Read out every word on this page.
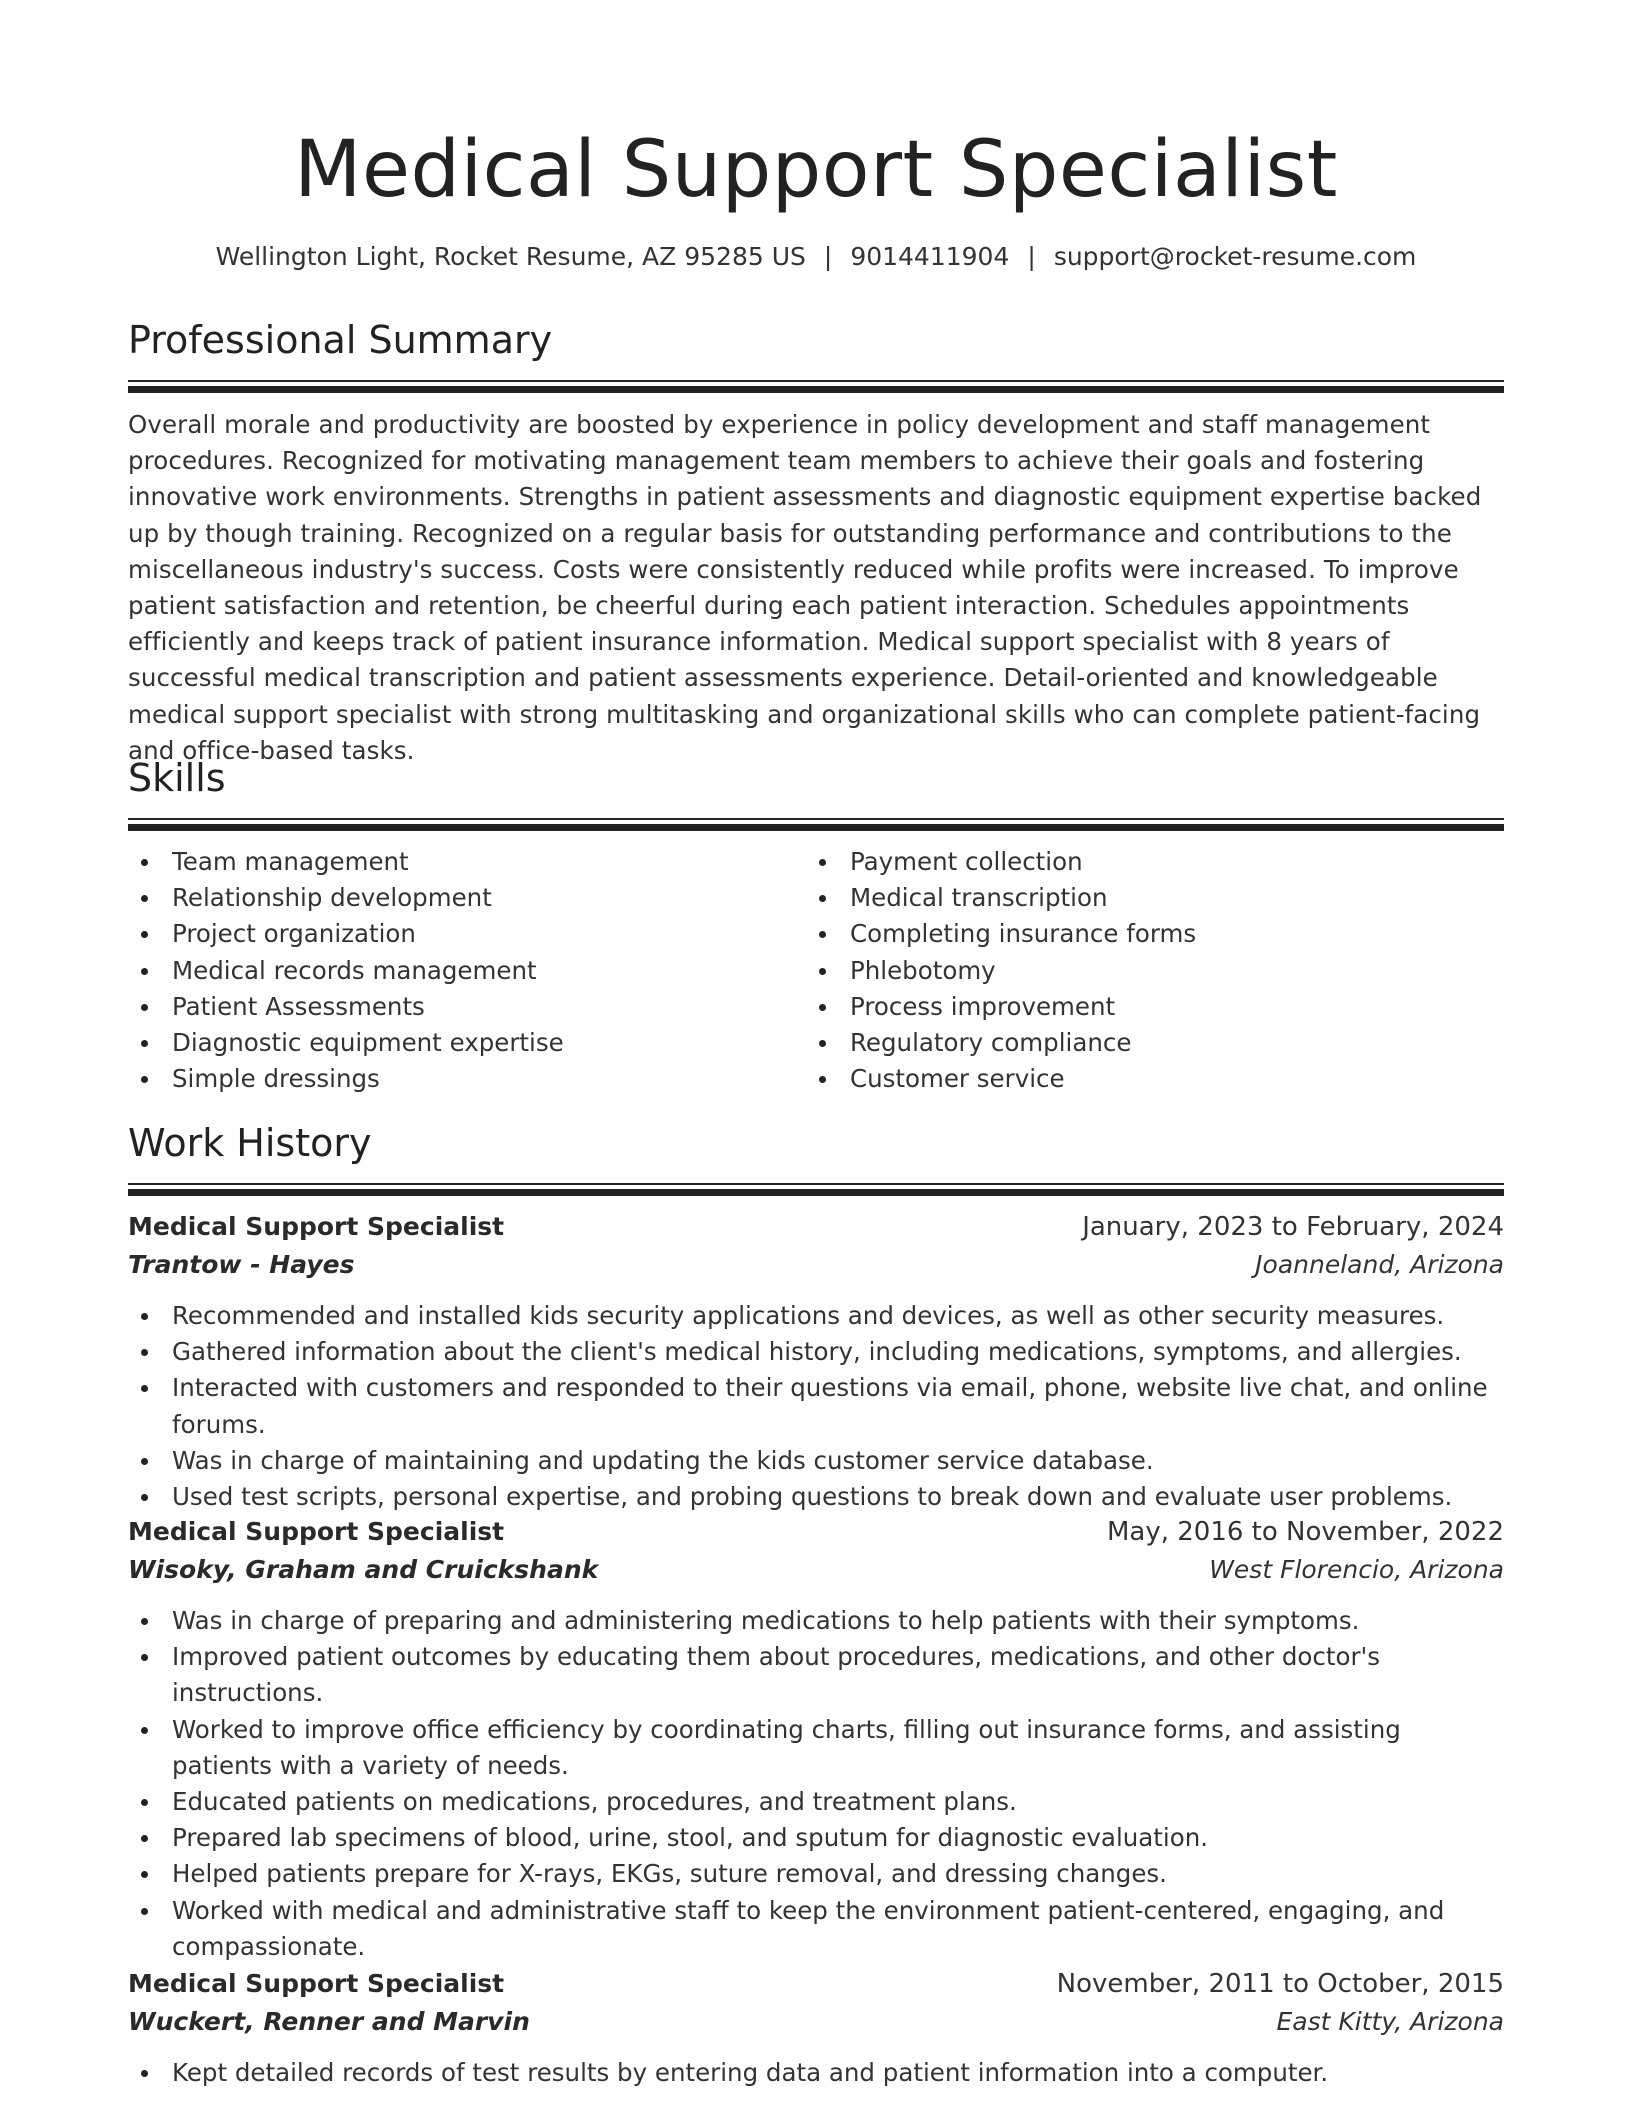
Medical Support Specialist
Wellington Light, Rocket Resume, AZ 95285 US | 9014411904 | support@rocket-resume.com
Professional Summary

Overall morale and productivity are boosted by experience in policy development and staff management procedures. Recognized for motivating management team members to achieve their goals and fostering innovative work environments. Strengths in patient assessments and diagnostic equipment expertise backed up by though training. Recognized on a regular basis for outstanding performance and contributions to the miscellaneous industry's success. Costs were consistently reduced while profits were increased. To improve patient satisfaction and retention, be cheerful during each patient interaction. Schedules appointments efficiently and keeps track of patient insurance information. Medical support specialist with 8 years of successful medical transcription and patient assessments experience. Detail-oriented and knowledgeable medical support specialist with strong multitasking and organizational skills who can complete patient-facing and office-based tasks.

Skills
Team management
Relationship development
Project organization
Medical records management
Patient Assessments
Diagnostic equipment expertise
Simple dressings
Payment collection
Medical transcription
Completing insurance forms
Phlebotomy
Process improvement
Regulatory compliance
Customer service
Work History
Medical Support Specialist	January, 2023 to February, 2024
Trantow - Hayes	Joanneland, Arizona
Recommended and installed kids security applications and devices, as well as other security measures.
Gathered information about the client's medical history, including medications, symptoms, and allergies.
Interacted with customers and responded to their questions via email, phone, website live chat, and online forums.
Was in charge of maintaining and updating the kids customer service database.
Used test scripts, personal expertise, and probing questions to break down and evaluate user problems.
Medical Support Specialist	May, 2016 to November, 2022
Wisoky, Graham and Cruickshank	West Florencio, Arizona
Was in charge of preparing and administering medications to help patients with their symptoms.
Improved patient outcomes by educating them about procedures, medications, and other doctor's instructions.
Worked to improve office efficiency by coordinating charts, filling out insurance forms, and assisting patients with a variety of needs.
Educated patients on medications, procedures, and treatment plans.
Prepared lab specimens of blood, urine, stool, and sputum for diagnostic evaluation.
Helped patients prepare for X-rays, EKGs, suture removal, and dressing changes.
Worked with medical and administrative staff to keep the environment patient-centered, engaging, and compassionate.
Medical Support Specialist	November, 2011 to October, 2015
Wuckert, Renner and Marvin	East Kitty, Arizona
Kept detailed records of test results by entering data and patient information into a computer.
